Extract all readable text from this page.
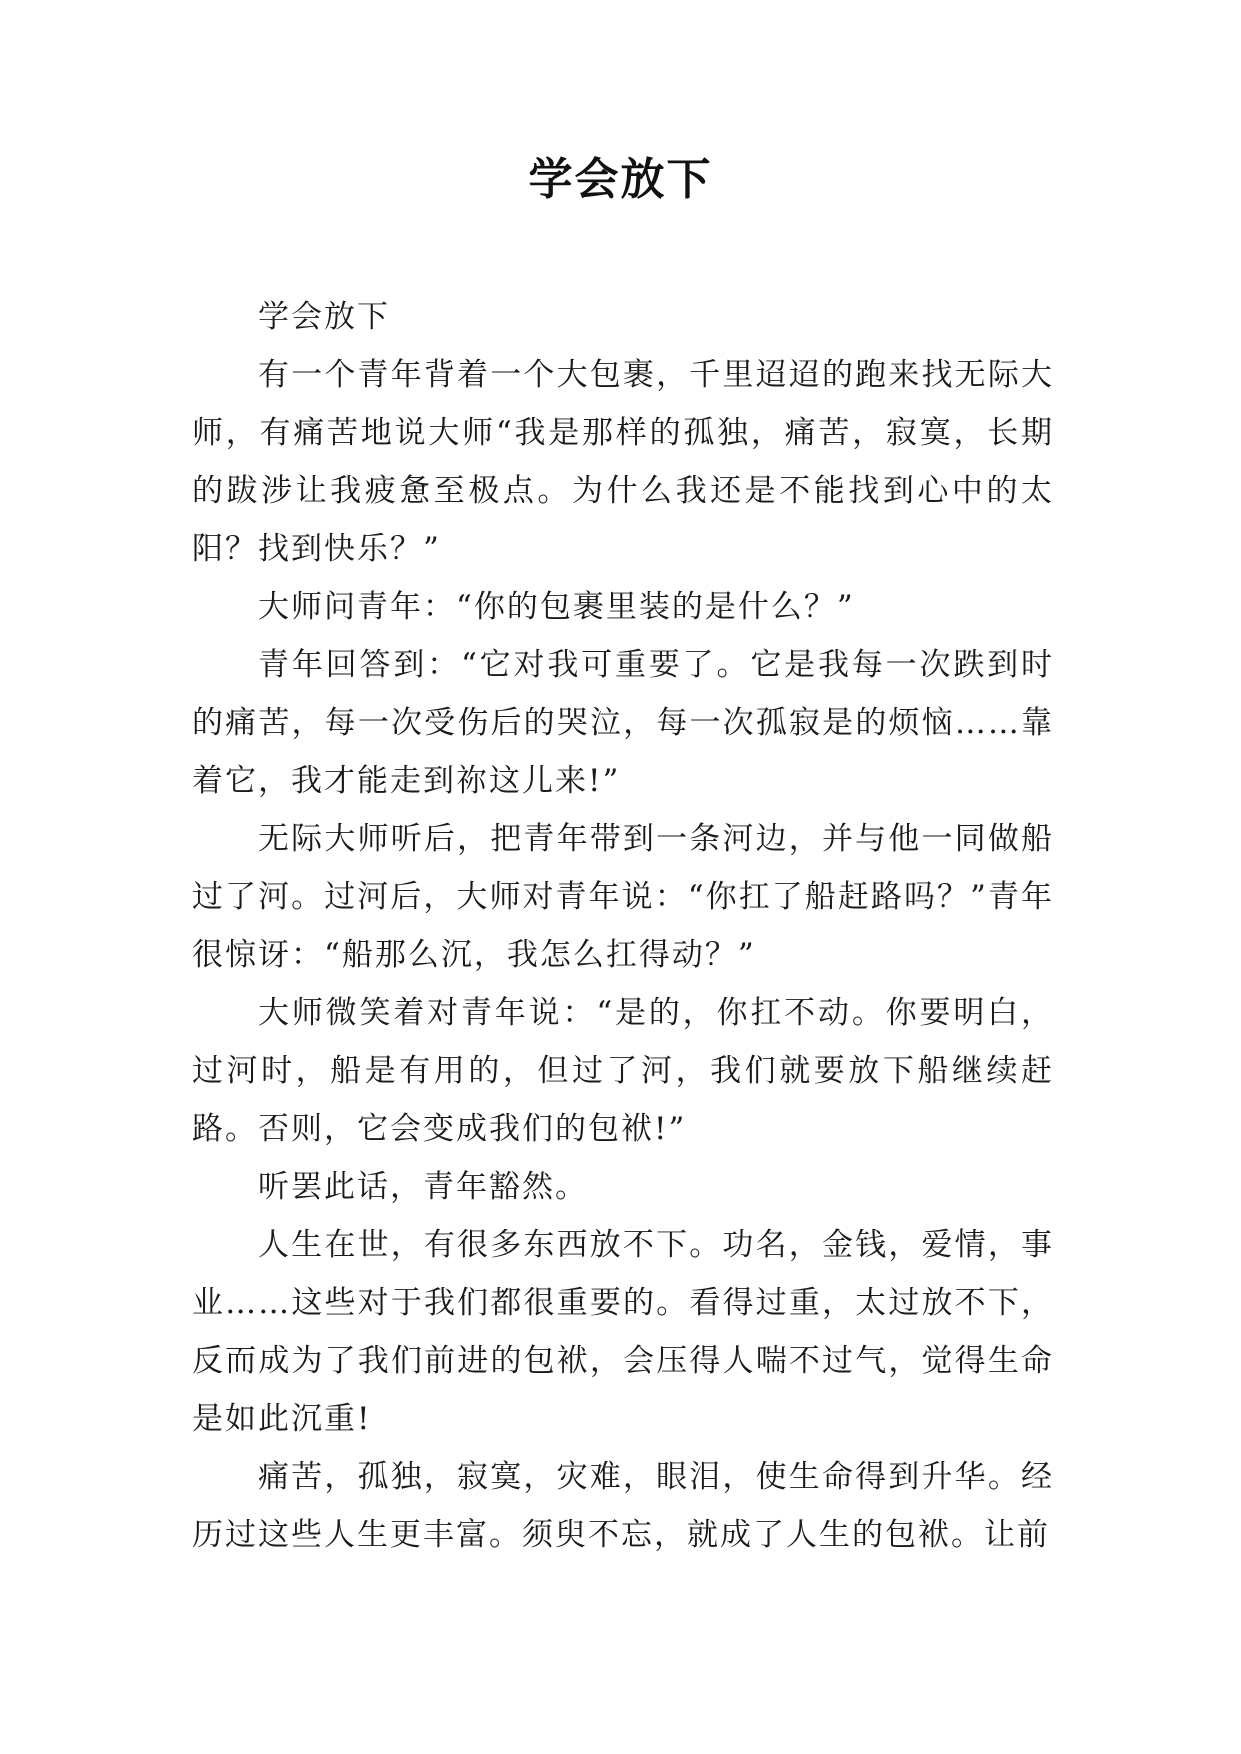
学会放下

学会放下

有一个青年背着一个大包裹，千里迢迢的跑来找无际大师，有痛苦地说大师“我是那样的孤独，痛苦，寂寞，长期的跋涉让我疲惫至极点。为什么我还是不能找到心中的太阳？找到快乐？”

大师问青年：“你的包裹里装的是什么？”

青年回答到：“它对我可重要了。它是我每一次跌到时的痛苦，每一次受伤后的哭泣，每一次孤寂是的烦恼……靠着它，我才能走到祢这儿来!”

无际大师听后，把青年带到一条河边，并与他一同做船过了河。过河后，大师对青年说：“你扛了船赶路吗？”青年很惊讶：“船那么沉，我怎么扛得动？”

大师微笑着对青年说：“是的，你扛不动。你要明白，过河时，船是有用的，但过了河，我们就要放下船继续赶路。否则，它会变成我们的包袱!”

听罢此话，青年豁然。

人生在世，有很多东西放不下。功名，金钱，爱情，事业……这些对于我们都很重要的。看得过重，太过放不下，反而成为了我们前进的包袱，会压得人喘不过气，觉得生命是如此沉重!

痛苦，孤独，寂寞，灾难，眼泪，使生命得到升华。经历过这些人生更丰富。须臾不忘，就成了人生的包袱。让前
